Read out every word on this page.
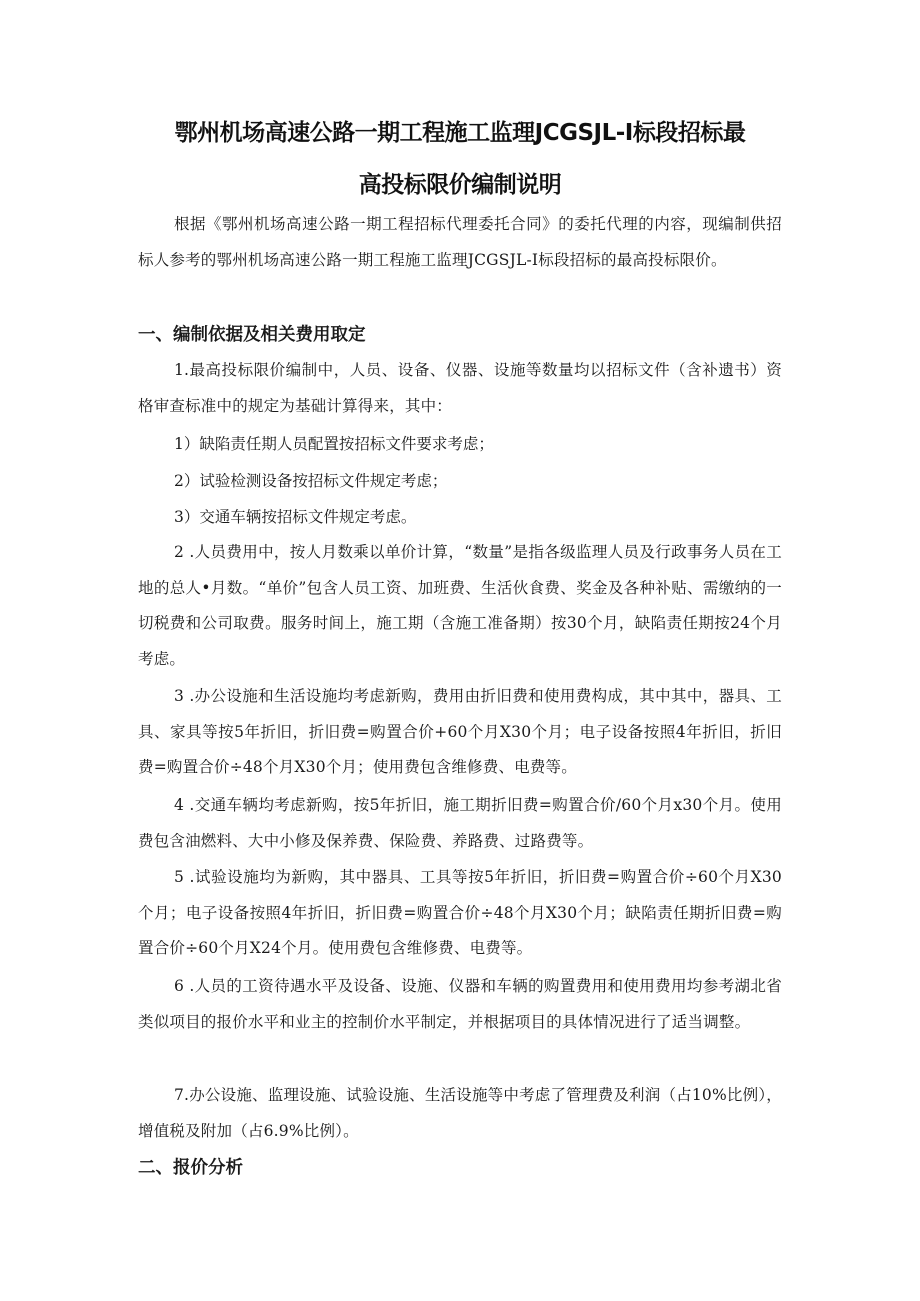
鄂州机场高速公路一期工程施工监理JCGSJL-I标段招标最
高投标限价编制说明

根据《鄂州机场高速公路一期工程招标代理委托合同》的委托代理的内容，现编制供招标人参考的鄂州机场高速公路一期工程施工监理JCGSJL-I标段招标的最高投标限价。

一、编制依据及相关费用取定

1.最高投标限价编制中，人员、设备、仪器、设施等数量均以招标文件（含补遗书）资格审查标准中的规定为基础计算得来，其中：

1）缺陷责任期人员配置按招标文件要求考虑；

2）试验检测设备按招标文件规定考虑；

3）交通车辆按招标文件规定考虑。

2 .人员费用中，按人月数乘以单价计算，“数量”是指各级监理人员及行政事务人员在工地的总人•月数。“单价”包含人员工资、加班费、生活伙食费、奖金及各种补贴、需缴纳的一切税费和公司取费。服务时间上，施工期（含施工准备期）按30个月，缺陷责任期按24个月考虑。

3 .办公设施和生活设施均考虑新购，费用由折旧费和使用费构成，其中其中，器具、工具、家具等按5年折旧，折旧费=购置合价+60个月X30个月；电子设备按照4年折旧，折旧费=购置合价÷48个月X30个月；使用费包含维修费、电费等。

4 .交通车辆均考虑新购，按5年折旧，施工期折旧费=购置合价/60个月x30个月。使用费包含油燃料、大中小修及保养费、保险费、养路费、过路费等。

5 .试验设施均为新购，其中器具、工具等按5年折旧，折旧费=购置合价÷60个月X30个月；电子设备按照4年折旧，折旧费=购置合价÷48个月X30个月；缺陷责任期折旧费=购置合价÷60个月X24个月。使用费包含维修费、电费等。

6 .人员的工资待遇水平及设备、设施、仪器和车辆的购置费用和使用费用均参考湖北省类似项目的报价水平和业主的控制价水平制定，并根据项目的具体情况进行了适当调整。

7.办公设施、监理设施、试验设施、生活设施等中考虑了管理费及利润（占10%比例），增值税及附加（占6.9%比例）。

二、报价分析
